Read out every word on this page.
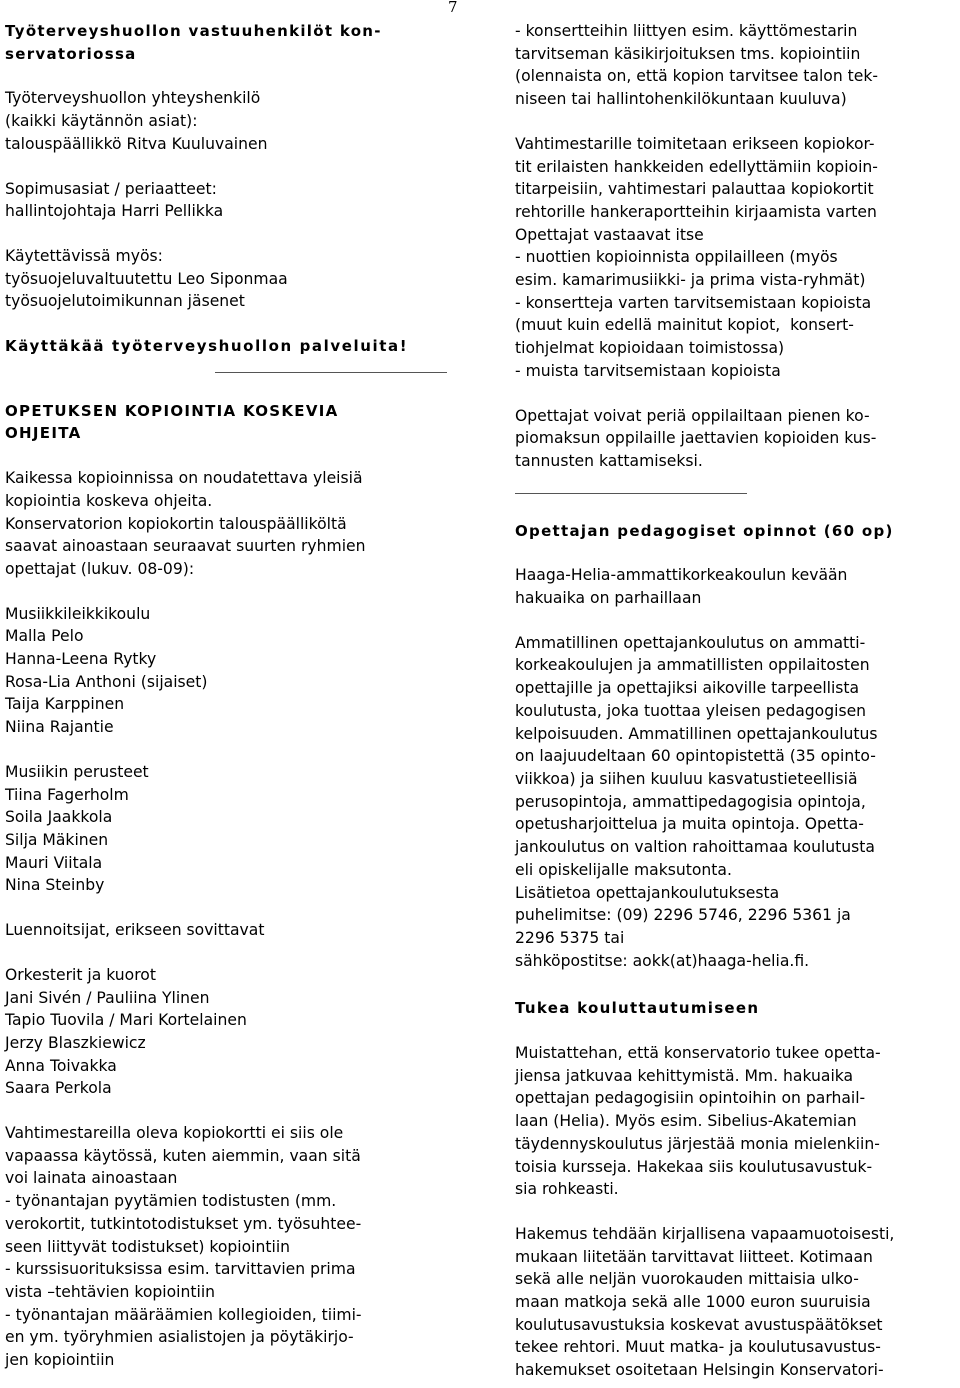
7

Työterveyshuollon vastuuhenkilöt kon-

servatoriossa

Työterveyshuollon yhteyshenkilö

(kaikki käytännön asiat):

talouspäällikkö Ritva Kuuluvainen

Sopimusasiat / periaatteet:

hallintojohtaja Harri Pellikka

Käytettävissä myös:

työsuojeluvaltuutettu Leo Siponmaa

työsuojelutoimikunnan jäsenet

Käyttäkää työterveyshuollon palveluita!

OPETUKSEN KOPIOINTIA KOSKEVIA

OHJEITA

Kaikessa kopioinnissa on noudatettava yleisiä

kopiointia koskeva ohjeita.

Konservatorion kopiokortin talouspäälliköltä

saavat ainoastaan seuraavat suurten ryhmien

opettajat (lukuv. 08-09):

Musiikkileikkikoulu

Malla Pelo

Hanna-Leena Rytky

Rosa-Lia Anthoni (sijaiset)

Taija Karppinen

Niina Rajantie

Musiikin perusteet

Tiina Fagerholm

Soila Jaakkola

Silja Mäkinen

Mauri Viitala

Nina Steinby

Luennoitsijat, erikseen sovittavat

Orkesterit ja kuorot

Jani Sivén / Pauliina Ylinen

Tapio Tuovila / Mari Kortelainen

Jerzy Blaszkiewicz

Anna Toivakka

Saara Perkola

Vahtimestareilla oleva kopiokortti ei siis ole

vapaassa käytössä, kuten aiemmin, vaan sitä

voi lainata ainoastaan

- työnantajan pyytämien todistusten (mm.

verokortit, tutkintotodistukset ym. työsuhtee-

seen liittyvät todistukset) kopiointiin

- kurssisuorituksissa esim. tarvittavien prima

vista –tehtävien kopiointiin

- työnantajan määräämien kollegioiden, tiimi-

en ym. työryhmien asialistojen ja pöytäkirjo-

jen kopiointiin

- konsertteihin liittyen esim. käyttömestarin

tarvitseman käsikirjoituksen tms. kopiointiin

(olennaista on, että kopion tarvitsee talon tek-

niseen tai hallintohenkilökuntaan kuuluva)

Vahtimestarille toimitetaan erikseen kopiokor-

tit erilaisten hankkeiden edellyttämiin kopioin-

titarpeisiin, vahtimestari palauttaa kopiokortit

rehtorille hankeraportteihin kirjaamista varten

Opettajat vastaavat itse

- nuottien kopioinnista oppilailleen (myös

esim. kamarimusiikki- ja prima vista-ryhmät)

- konsertteja varten tarvitsemistaan kopioista

(muut kuin edellä mainitut kopiot,  konsert-

tiohjelmat kopioidaan toimistossa)

- muista tarvitsemistaan kopioista

Opettajat voivat periä oppilailtaan pienen ko-

piomaksun oppilaille jaettavien kopioiden kus-

tannusten kattamiseksi.

Opettajan pedagogiset opinnot (60 op)

Haaga-Helia-ammattikorkeakoulun kevään

hakuaika on parhaillaan

Ammatillinen opettajankoulutus on ammatti-

korkeakoulujen ja ammatillisten oppilaitosten

opettajille ja opettajiksi aikoville tarpeellista

koulutusta, joka tuottaa yleisen pedagogisen

kelpoisuuden. Ammatillinen opettajankoulutus

on laajuudeltaan 60 opintopistettä (35 opinto-

viikkoa) ja siihen kuuluu kasvatustieteellisiä

perusopintoja, ammattipedagogisia opintoja,

opetusharjoittelua ja muita opintoja. Opetta-

jankoulutus on valtion rahoittamaa koulutusta

eli opiskelijalle maksutonta.

Lisätietoa opettajankoulutuksesta

puhelimitse: (09) 2296 5746, 2296 5361 ja

2296 5375 tai

sähköpostitse: aokk(at)haaga-helia.fi.

Tukea kouluttautumiseen

Muistattehan, että konservatorio tukee opetta-

jiensa jatkuvaa kehittymistä. Mm. hakuaika

opettajan pedagogisiin opintoihin on parhail-

laan (Helia). Myös esim. Sibelius-Akatemian

täydennyskoulutus järjestää monia mielenkiin-

toisia kursseja. Hakekaa siis koulutusavustuk-

sia rohkeasti.

Hakemus tehdään kirjallisena vapaamuotoisesti,

mukaan liitetään tarvittavat liitteet. Kotimaan

sekä alle neljän vuorokauden mittaisia ulko-

maan matkoja sekä alle 1000 euron suuruisia

koulutusavustuksia koskevat avustuspäätökset

tekee rehtori. Muut matka- ja koulutusavustus-

hakemukset osoitetaan Helsingin Konservatori-
